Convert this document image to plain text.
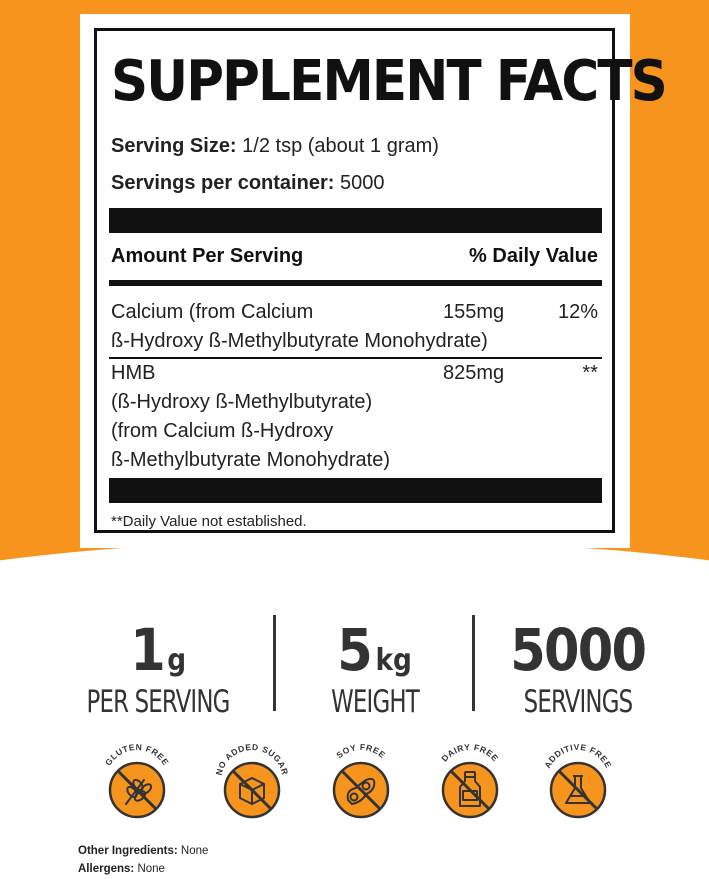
SUPPLEMENT FACTS
Serving Size: 1/2 tsp (about 1 gram)
Servings per container: 5000
Amount Per Serving	% Daily Value
Calcium (from Calcium
ß-Hydroxy ß-Methylbutyrate Monohydrate)
155mg	12%
HMB
(ß-Hydroxy ß-Methylbutyrate)
(from Calcium ß-Hydroxy
ß-Methylbutyrate Monohydrate)
825mg	**
**Daily Value not established.
1 g
PER SERVING
5 kg
WEIGHT
5000
SERVINGS
GLUTEN FREE
NO ADDED SUGAR
SOY FREE	DAIRY FREE
ADDITIVE FREE
Other Ingredients: None
Allergens: None
